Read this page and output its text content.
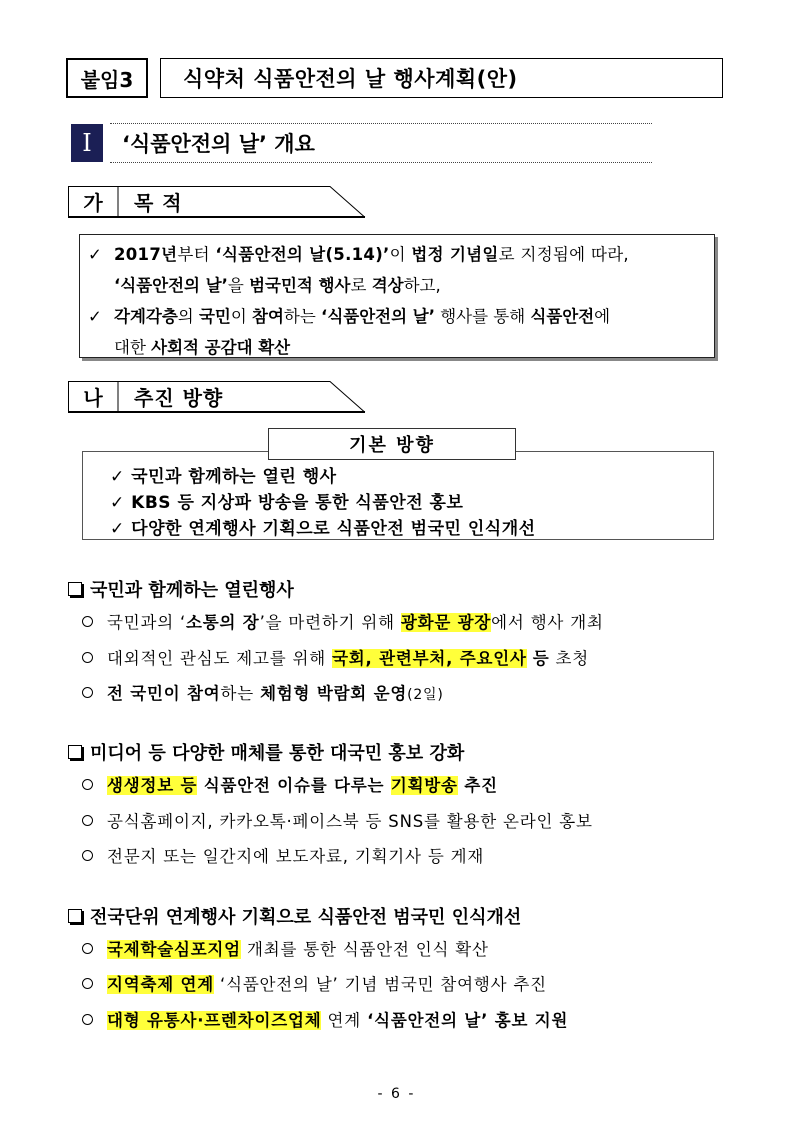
붙임3	식약처 식품안전의 날 행사계획(안)
I	‘식품안전의 날’ 개요
가	목 적
✓ 2017년부터 ‘식품안전의 날(5.14)’이 법정 기념일로 지정됨에 따라,
‘식품안전의 날’을 범국민적 행사로 격상하고,
✓ 각계각층의 국민이 참여하는 ‘식품안전의 날’ 행사를 통해 식품안전에
대한 사회적 공감대 확산
나	추진 방향
기본 방향
✓ 국민과 함께하는 열린 행사
✓ KBS 등 지상파 방송을 통한 식품안전 홍보
✓ 다양한 연계행사 기획으로 식품안전 범국민 인식개선
국민과 함께하는 열린행사
국민과의 ‘소통의 장’을 마련하기 위해 광화문 광장에서 행사 개최
대외적인 관심도 제고를 위해 국회, 관련부처, 주요인사 등 초청
전 국민이 참여하는 체험형 박람회 운영(2일)
미디어 등 다양한 매체를 통한 대국민 홍보 강화
생생정보 등 식품안전 이슈를 다루는 기획방송 추진
공식홈페이지, 카카오톡·페이스북 등 SNS를 활용한 온라인 홍보
전문지 또는 일간지에 보도자료, 기획기사 등 게재
전국단위 연계행사 기획으로 식품안전 범국민 인식개선
국제학술심포지엄 개최를 통한 식품안전 인식 확산
지역축제 연계 ‘식품안전의 날’ 기념 범국민 참여행사 추진
대형 유통사·프렌차이즈업체 연계 ‘식품안전의 날’ 홍보 지원
- 6 -
